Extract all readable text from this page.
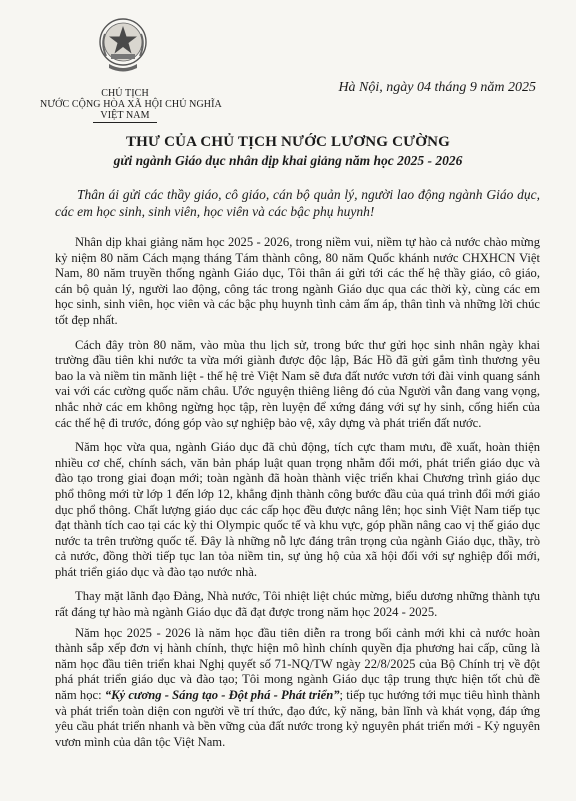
CHỦ TỊCH
NƯỚC CỘNG HÒA XÃ HỘI CHỦ NGHĨA
VIỆT NAM
Hà Nội, ngày 04 tháng 9 năm 2025
THƯ CỦA CHỦ TỊCH NƯỚC LƯƠNG CƯỜNG
gửi ngành Giáo dục nhân dịp khai giảng năm học 2025 - 2026
Thân ái gửi các thầy giáo, cô giáo, cán bộ quản lý, người lao động ngành Giáo dục, các em học sinh, sinh viên, học viên và các bậc phụ huynh!

Nhân dịp khai giảng năm học 2025 - 2026, trong niềm vui, niềm tự hào cả nước chào mừng kỷ niệm 80 năm Cách mạng tháng Tám thành công, 80 năm Quốc khánh nước CHXHCN Việt Nam, 80 năm truyền thống ngành Giáo dục, Tôi thân ái gửi tới các thế hệ thầy giáo, cô giáo, cán bộ quản lý, người lao động, công tác trong ngành Giáo dục qua các thời kỳ, cùng các em học sinh, sinh viên, học viên và các bậc phụ huynh tình cảm ấm áp, thân tình và những lời chúc tốt đẹp nhất.

Cách đây tròn 80 năm, vào mùa thu lịch sử, trong bức thư gửi học sinh nhân ngày khai trường đầu tiên khi nước ta vừa mới giành được độc lập, Bác Hồ đã gửi gắm tình thương yêu bao la và niềm tin mãnh liệt - thế hệ trẻ Việt Nam sẽ đưa đất nước vươn tới đài vinh quang sánh vai với các cường quốc năm châu. Ước nguyện thiêng liêng đó của Người vẫn đang vang vọng, nhắc nhở các em không ngừng học tập, rèn luyện để xứng đáng với sự hy sinh, cống hiến của các thế hệ đi trước, đóng góp vào sự nghiệp bảo vệ, xây dựng và phát triển đất nước.

Năm học vừa qua, ngành Giáo dục đã chủ động, tích cực tham mưu, đề xuất, hoàn thiện nhiều cơ chế, chính sách, văn bản pháp luật quan trọng nhằm đổi mới, phát triển giáo dục và đào tạo trong giai đoạn mới; toàn ngành đã hoàn thành việc triển khai Chương trình giáo dục phổ thông mới từ lớp 1 đến lớp 12, khẳng định thành công bước đầu của quá trình đổi mới giáo dục phổ thông. Chất lượng giáo dục các cấp học đều được nâng lên; học sinh Việt Nam tiếp tục đạt thành tích cao tại các kỳ thi Olympic quốc tế và khu vực, góp phần nâng cao vị thế giáo dục nước ta trên trường quốc tế. Đây là những nỗ lực đáng trân trọng của ngành Giáo dục, thầy, trò cả nước, đồng thời tiếp tục lan tỏa niềm tin, sự ủng hộ của xã hội đối với sự nghiệp đổi mới, phát triển giáo dục và đào tạo nước nhà.

Thay mặt lãnh đạo Đảng, Nhà nước, Tôi nhiệt liệt chúc mừng, biểu dương những thành tựu rất đáng tự hào mà ngành Giáo dục đã đạt được trong năm học 2024 - 2025.

Năm học 2025 - 2026 là năm học đầu tiên diễn ra trong bối cảnh mới khi cả nước hoàn thành sắp xếp đơn vị hành chính, thực hiện mô hình chính quyền địa phương hai cấp, cũng là năm học đầu tiên triển khai Nghị quyết số 71-NQ/TW ngày 22/8/2025 của Bộ Chính trị về đột phá phát triển giáo dục và đào tạo; Tôi mong ngành Giáo dục tập trung thực hiện tốt chủ đề năm học: “Kỷ cương - Sáng tạo - Đột phá - Phát triển”; tiếp tục hướng tới mục tiêu hình thành và phát triển toàn diện con người về trí thức, đạo đức, kỹ năng, bản lĩnh và khát vọng, đáp ứng yêu cầu phát triển nhanh và bền vững của đất nước trong kỷ nguyên phát triển mới - Kỷ nguyên vươn mình của dân tộc Việt Nam.
